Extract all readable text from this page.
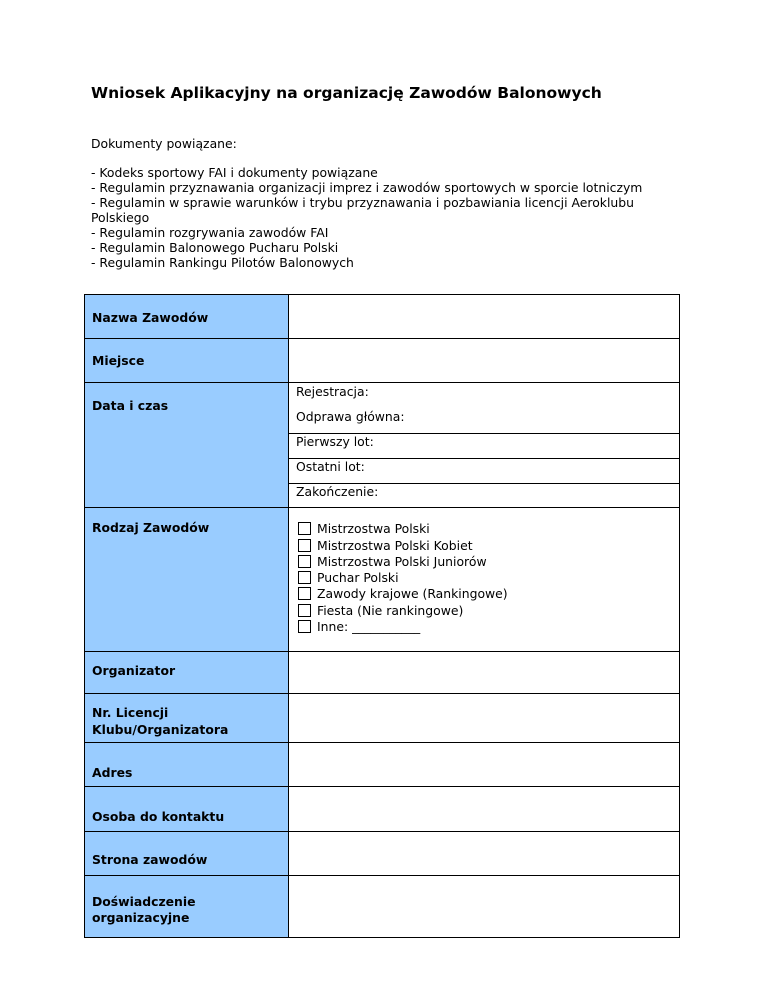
Wniosek Aplikacyjny na organizację Zawodów Balonowych

Dokumenty powiązane:

- Kodeks sportowy FAI i dokumenty powiązane
- Regulamin przyznawania organizacji imprez i zawodów sportowych w sporcie lotniczym
- Regulamin w sprawie warunków i trybu przyznawania i pozbawiania licencji Aeroklubu Polskiego
- Regulamin rozgrywania zawodów FAI
- Regulamin Balonowego Pucharu Polski
- Regulamin Rankingu Pilotów Balonowych
Nazwa Zawodów
Miejsce
Data i czas
Rejestracja:
Odprawa główna:
Pierwszy lot:
Ostatni lot:
Zakończenie:
Rodzaj Zawodów	Mistrzostwa Polski
Mistrzostwa Polski Kobiet
Mistrzostwa Polski Juniorów
Puchar Polski
Zawody krajowe (Rankingowe)
Fiesta (Nie rankingowe)
Inne: ___________
Organizator
Nr. Licencji
Klubu/Organizatora
Adres
Osoba do kontaktu
Strona zawodów
Doświadczenie
organizacyjne
